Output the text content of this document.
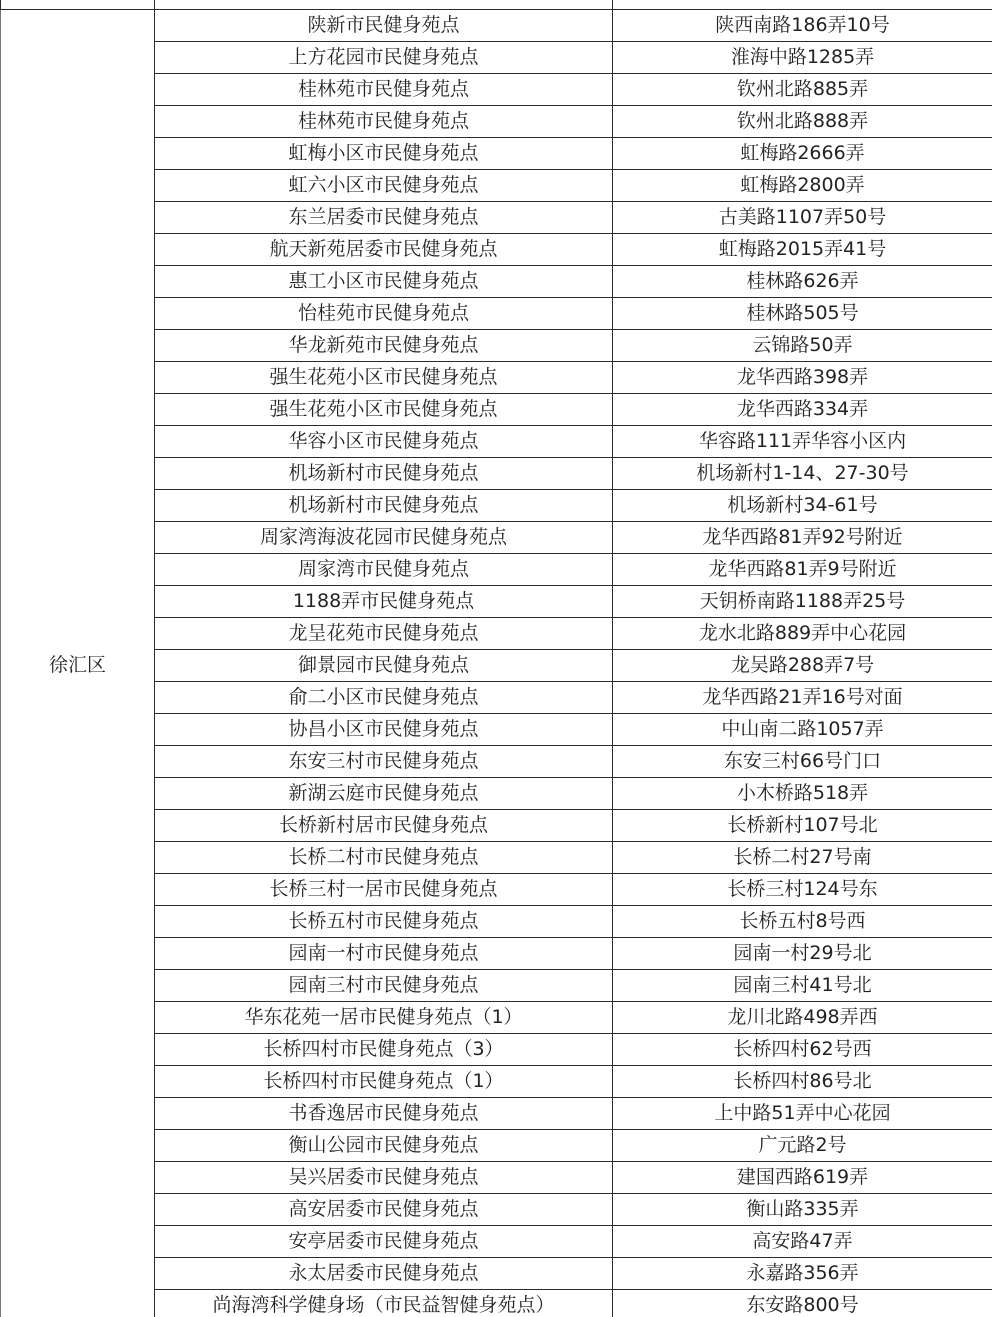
徐汇区	陕新市民健身苑点	陕西南路186弄10号
	上方花园市民健身苑点	淮海中路1285弄
	桂林苑市民健身苑点	钦州北路885弄
	桂林苑市民健身苑点	钦州北路888弄
	虹梅小区市民健身苑点	虹梅路2666弄
	虹六小区市民健身苑点	虹梅路2800弄
	东兰居委市民健身苑点	古美路1107弄50号
	航天新苑居委市民健身苑点	虹梅路2015弄41号
	惠工小区市民健身苑点	桂林路626弄
	怡桂苑市民健身苑点	桂林路505号
	华龙新苑市民健身苑点	云锦路50弄
	强生花苑小区市民健身苑点	龙华西路398弄
	强生花苑小区市民健身苑点	龙华西路334弄
	华容小区市民健身苑点	华容路111弄华容小区内
	机场新村市民健身苑点	机场新村1-14、27-30号
	机场新村市民健身苑点	机场新村34-61号
	周家湾海波花园市民健身苑点	龙华西路81弄92号附近
	周家湾市民健身苑点	龙华西路81弄9号附近
	1188弄市民健身苑点	天钥桥南路1188弄25号
	龙呈花苑市民健身苑点	龙水北路889弄中心花园
	御景园市民健身苑点	龙吴路288弄7号
	俞二小区市民健身苑点	龙华西路21弄16号对面
	协昌小区市民健身苑点	中山南二路1057弄
	东安三村市民健身苑点	东安三村66号门口
	新湖云庭市民健身苑点	小木桥路518弄
	长桥新村居市民健身苑点	长桥新村107号北
	长桥二村市民健身苑点	长桥二村27号南
	长桥三村一居市民健身苑点	长桥三村124号东
	长桥五村市民健身苑点	长桥五村8号西
	园南一村市民健身苑点	园南一村29号北
	园南三村市民健身苑点	园南三村41号北
	华东花苑一居市民健身苑点（1）	龙川北路498弄西
	长桥四村市民健身苑点（3）	长桥四村62号西
	长桥四村市民健身苑点（1）	长桥四村86号北
	书香逸居市民健身苑点	上中路51弄中心花园
	衡山公园市民健身苑点	广元路2号
	吴兴居委市民健身苑点	建国西路619弄
	高安居委市民健身苑点	衡山路335弄
	安亭居委市民健身苑点	高安路47弄
	永太居委市民健身苑点	永嘉路356弄
	尚海湾科学健身场（市民益智健身苑点）	东安路800号
